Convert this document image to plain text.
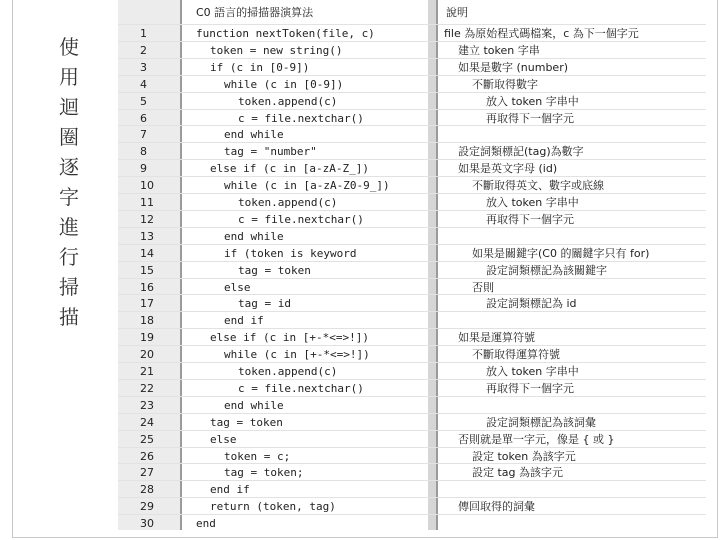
使
用
迴
圈
逐
字
進
行
掃
描
C0 語言的掃描器演算法	說明
1	function nextToken(file, c)	file 為原始程式碼檔案，c 為下一個字元
2	token = new string()	建立 token 字串
3	if (c in [0-9])	如果是數字 (number)
4	while (c in [0-9])	不斷取得數字
5	token.append(c)	放入 token 字串中
6	c = file.nextchar()	再取得下一個字元
7	end while
8	tag = "number"	設定詞類標記(tag)為數字
9	else if (c in [a-zA-Z_])	如果是英文字母 (id)
10	while (c in [a-zA-Z0-9_])	不斷取得英文、數字或底線
11	token.append(c)	放入 token 字串中
12	c = file.nextchar()	再取得下一個字元
13	end while
14	if (token is keyword	如果是關鍵字(C0 的關鍵字只有 for)
15	tag = token	設定詞類標記為該關鍵字
16	else	否則
17	tag = id	設定詞類標記為 id
18	end if
19	else if (c in [+-*<=>!])	如果是運算符號
20	while (c in [+-*<=>!])	不斷取得運算符號
21	token.append(c)	放入 token 字串中
22	c = file.nextchar()	再取得下一個字元
23	end while
24	tag = token	設定詞類標記為該詞彙
25	else	否則就是單一字元，像是 { 或 }
26	token = c;	設定 token 為該字元
27	tag = token;	設定 tag 為該字元
28	end if
29	return (token, tag)	傳回取得的詞彙
30	end
